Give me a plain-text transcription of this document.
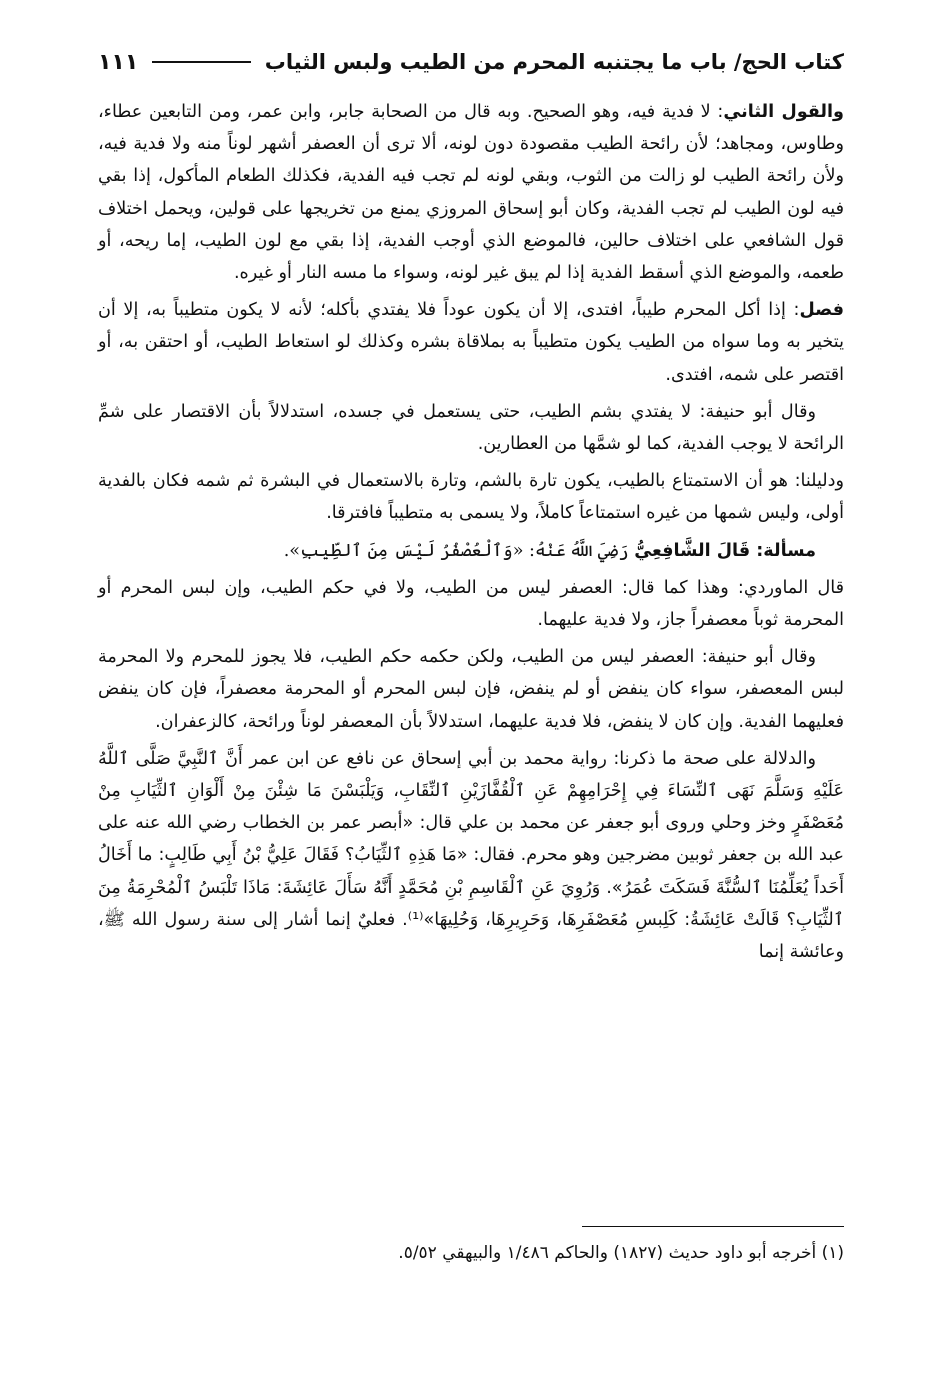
كتاب الحج/ باب ما يجتنبه المحرم من الطيب ولبس الثياب
١١١

والقول الثاني: لا فدية فيه، وهو الصحيح. وبه قال من الصحابة جابر، وابن عمر، ومن التابعين عطاء، وطاوس، ومجاهد؛ لأن رائحة الطيب مقصودة دون لونه، ألا ترى أن العصفر أشهر لوناً منه ولا فدية فيه، ولأن رائحة الطيب لو زالت من الثوب، وبقي لونه لم تجب فيه الفدية، فكذلك الطعام المأكول، إذا بقي فيه لون الطيب لم تجب الفدية، وكان أبو إسحاق المروزي يمنع من تخريجها على قولين، ويحمل اختلاف قول الشافعي على اختلاف حالين، فالموضع الذي أوجب الفدية، إذا بقي مع لون الطيب، إما ريحه، أو طعمه، والموضع الذي أسقط الفدية إذا لم يبق غير لونه، وسواء ما مسه النار أو غيره.

فصل: إذا أكل المحرم طيباً، افتدى، إلا أن يكون عوداً فلا يفتدي بأكله؛ لأنه لا يكون متطيباً به، إلا أن يتخير به وما سواه من الطيب يكون متطيباً به بملاقاة بشره وكذلك لو استعاط الطيب، أو احتقن به، أو اقتصر على شمه، افتدى.

وقال أبو حنيفة: لا يفتدي بشم الطيب، حتى يستعمل في جسده، استدلالاً بأن الاقتصار على شمِّ الرائحة لا يوجب الفدية، كما لو شمَّها من العطارين.

ودليلنا: هو أن الاستمتاع بالطيب، يكون تارة بالشم، وتارة بالاستعمال في البشرة ثم شمه فكان بالفدية أولى، وليس شمها من غيره استمتاعاً كاملاً، ولا يسمى به متطيباً فافترقا.

مسألة: قَالَ الشَّافِعِيُّ رَضِيَ اللَّهُ عَنْهُ: «وَٱلْعُصْفُرُ لَيْسَ مِنَ ٱلطِّيبِ».

قال الماوردي: وهذا كما قال: العصفر ليس من الطيب، ولا في حكم الطيب، وإن لبس المحرم أو المحرمة ثوباً معصفراً جاز، ولا فدية عليهما.

وقال أبو حنيفة: العصفر ليس من الطيب، ولكن حكمه حكم الطيب، فلا يجوز للمحرم ولا المحرمة لبس المعصفر، سواء كان ينفض أو لم ينفض، فإن لبس المحرم أو المحرمة معصفراً، فإن كان ينفض فعليهما الفدية. وإن كان لا ينفض، فلا فدية عليهما، استدلالاً بأن المعصفر لوناً ورائحة، كالزعفران.

والدلالة على صحة ما ذكرنا: رواية محمد بن أبي إسحاق عن نافع عن ابن عمر أَنَّ ٱلنَّبِيَّ صَلَّى ٱللَّهُ عَلَيْهِ وَسَلَّمَ نَهَى ٱلنِّسَاءَ فِي إِحْرَامِهِمْ عَنِ ٱلْقُفَّازَيْنِ ٱلنِّقَابِ، وَيَلْبَسْنَ مَا شِئْنَ مِنْ أَلْوَانِ ٱلثِّيَابِ مِنْ مُعَصْفَرٍ وخز وحلي وروى أبو جعفر عن محمد بن علي قال: «أبصر عمر بن الخطاب رضي الله عنه على عبد الله بن جعفر ثوبين مضرجين وهو محرم. فقال: «مَا هَذِهِ ٱلثِّيَابُ؟ فَقَالَ عَلِيُّ بْنُ أَبِي طَالِبٍ: ما أَخَالُ أَحَداً يُعَلِّمُنَا ٱلسُّنَّةَ فَسَكَتَ عُمَرُ». وَرُوِيَ عَنِ ٱلْقَاسِمِ بْنِ مُحَمَّدٍ أَنَّهُ سَأَلَ عَائِشَةَ: مَاذَا تَلْبَسُ ٱلْمُحْرِمَةُ مِنَ ٱلثِّيَابِ؟ قَالَتْ عَائِشَةُ: كَلِبسِ مُعَصْفَرِهَا، وَحَرِيرِهَا، وَحُلِيهَا»⁽¹⁾. فعليٌ إنما أشار إلى سنة رسول الله ﷺ، وعائشة إنما

(١) أخرجه أبو داود حديث (١٨٢٧) والحاكم ١/٤٨٦ والبيهقي ٥/٥٢.
